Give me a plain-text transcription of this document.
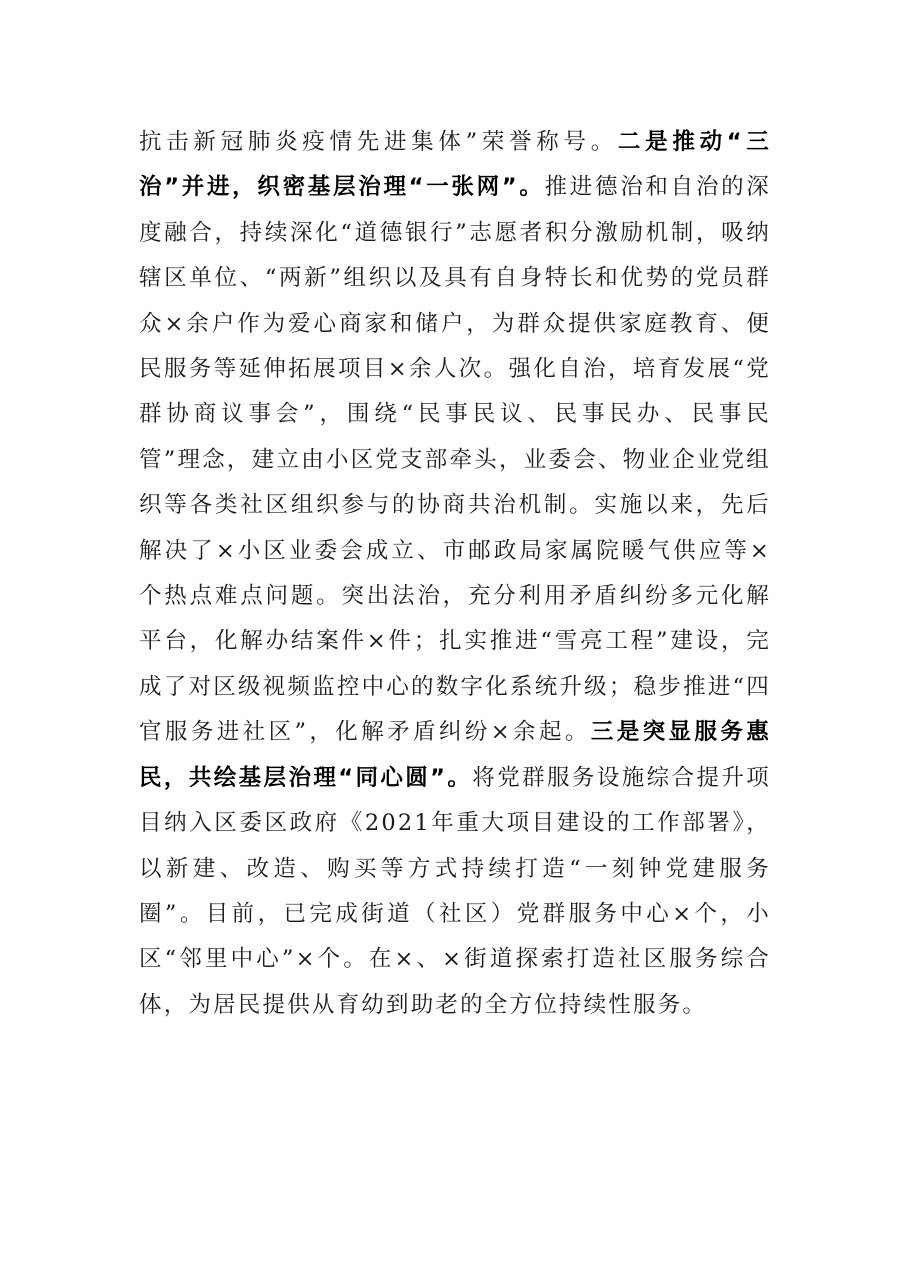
抗击新冠肺炎疫情先进集体”荣誉称号。二是推动“三治”并进，织密基层治理“一张网”。推进德治和自治的深度融合，持续深化“道德银行”志愿者积分激励机制，吸纳辖区单位、“两新”组织以及具有自身特长和优势的党员群众×余户作为爱心商家和储户，为群众提供家庭教育、便民服务等延伸拓展项目×余人次。强化自治，培育发展“党群协商议事会”，围绕“民事民议、民事民办、民事民管”理念，建立由小区党支部牵头，业委会、物业企业党组织等各类社区组织参与的协商共治机制。实施以来，先后解决了×小区业委会成立、市邮政局家属院暖气供应等×个热点难点问题。突出法治，充分利用矛盾纠纷多元化解平台，化解办结案件×件；扎实推进“雪亮工程”建设，完成了对区级视频监控中心的数字化系统升级；稳步推进“四官服务进社区”，化解矛盾纠纷×余起。三是突显服务惠民，共绘基层治理“同心圆”。将党群服务设施综合提升项目纳入区委区政府《2021年重大项目建设的工作部署》，以新建、改造、购买等方式持续打造“一刻钟党建服务圈”。目前，已完成街道（社区）党群服务中心×个，小区“邻里中心”×个。在×、×街道探索打造社区服务综合体，为居民提供从育幼到助老的全方位持续性服务。
